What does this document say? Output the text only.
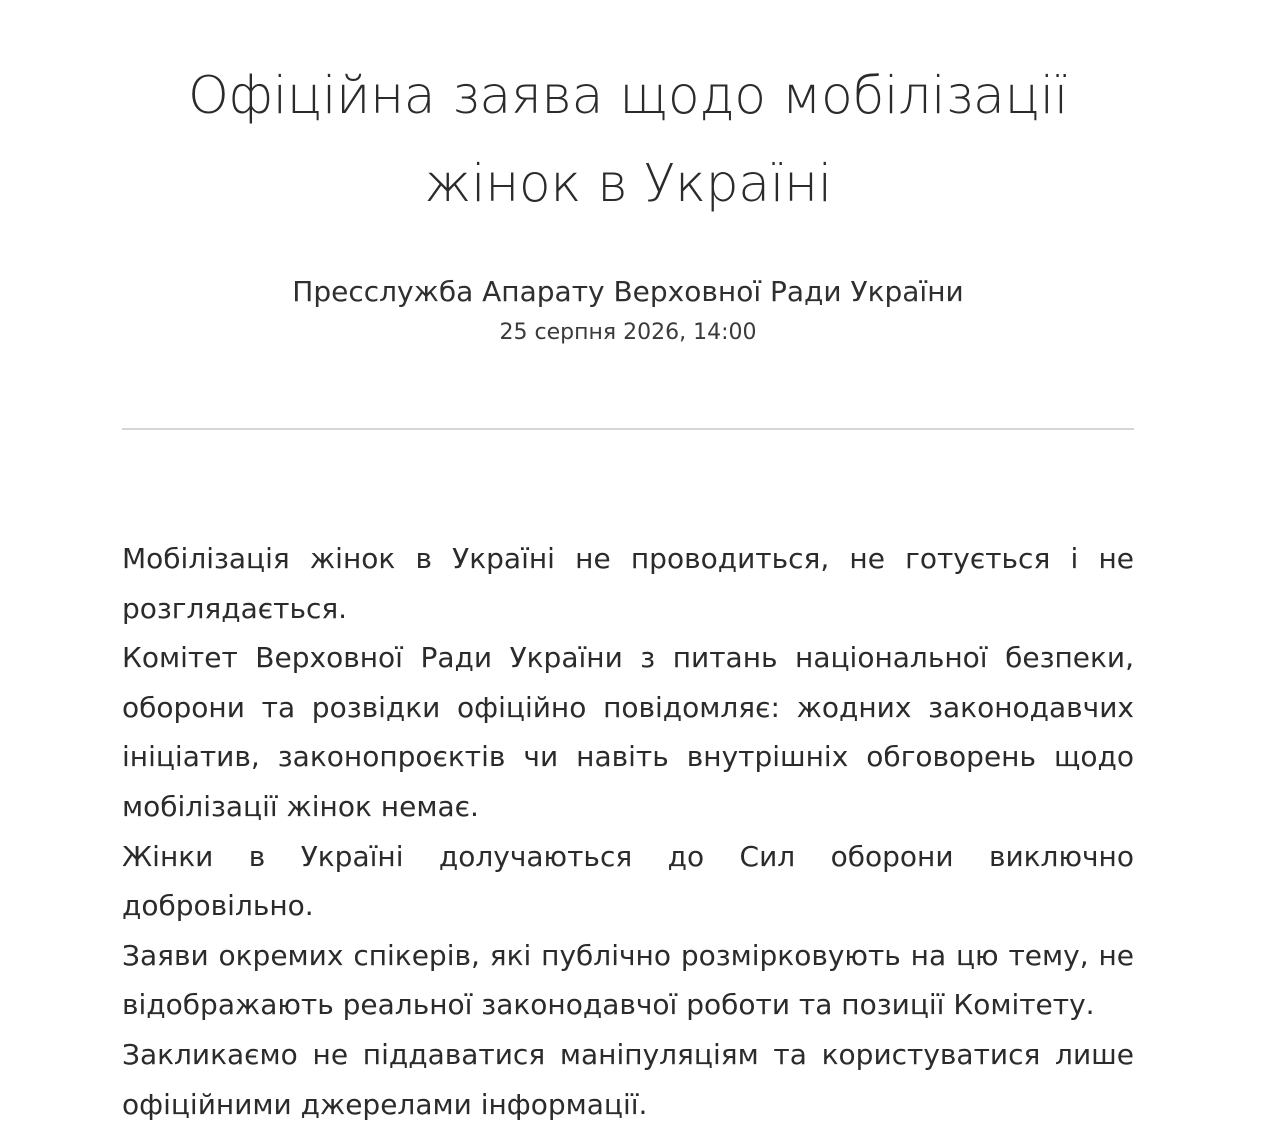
Офіційна заява щодо мобілізації жінок в Україні

Пресслужба Апарату Верховної Ради України

25 серпня 2026, 14:00

Мобілізація жінок в Україні не проводиться, не готується і не розглядається.

Комітет Верховної Ради України з питань національної безпеки, оборони та розвідки офіційно повідомляє: жодних законодавчих ініціатив, законопроєктів чи навіть внутрішніх обговорень щодо мобілізації жінок немає.

Жінки в Україні долучаються до Сил оборони виключно добровільно.

Заяви окремих спікерів, які публічно розмірковують на цю тему, не відображають реальної законодавчої роботи та позиції Комітету.

Закликаємо не піддаватися маніпуляціям та користуватися лише офіційними джерелами інформації.
